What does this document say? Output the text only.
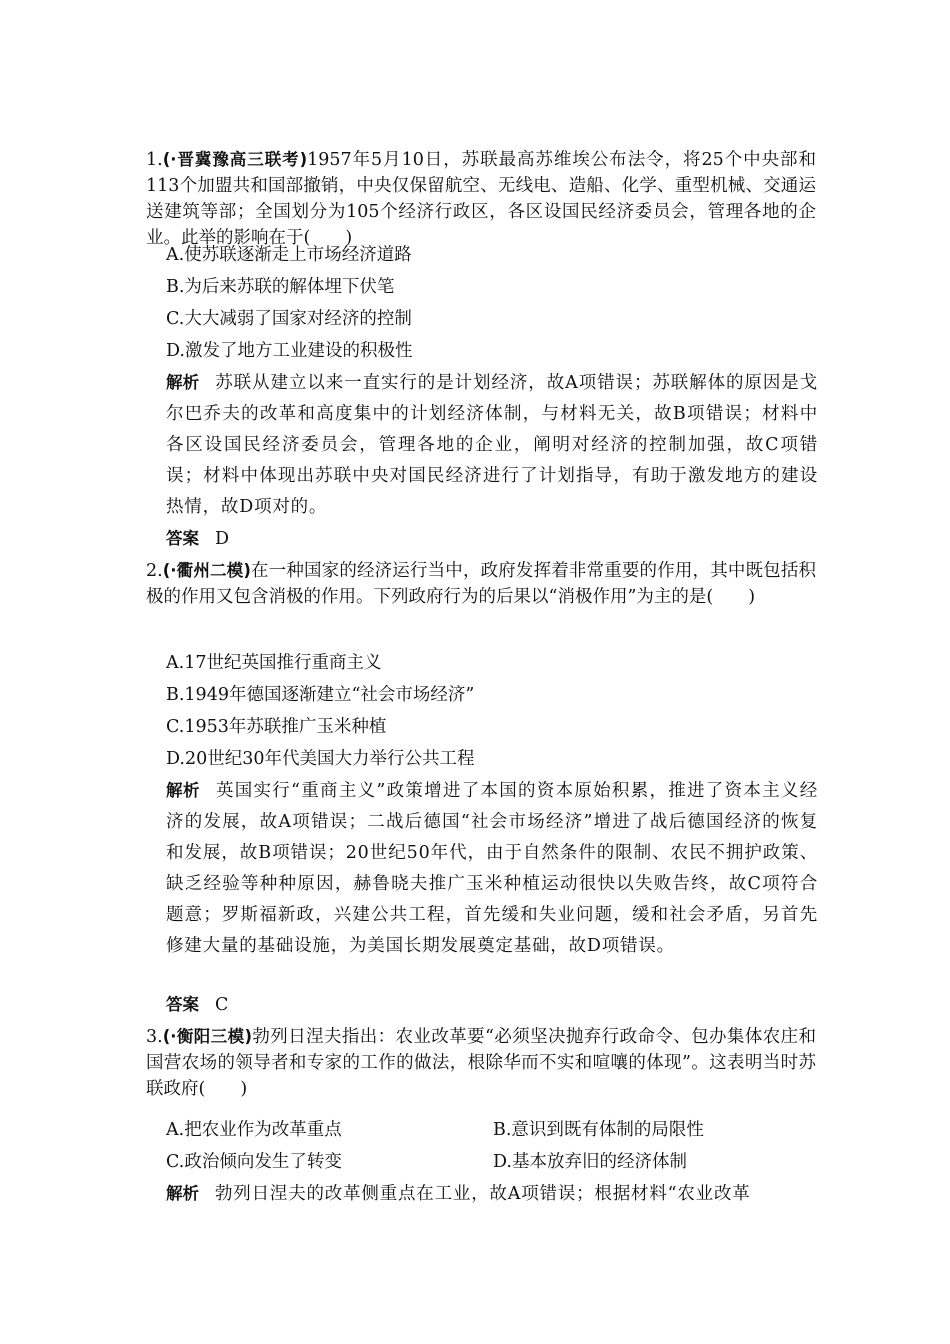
1.(·晋冀豫高三联考)1957年5月10日，苏联最高苏维埃公布法令，将25个中央部和113个加盟共和国部撤销，中央仅保留航空、无线电、造船、化学、重型机械、交通运送建筑等部；全国划分为105个经济行政区，各区设国民经济委员会，管理各地的企业。此举的影响在于(　　)
A.使苏联逐渐走上市场经济道路
B.为后来苏联的解体埋下伏笔
C.大大减弱了国家对经济的控制
D.激发了地方工业建设的积极性
解析 苏联从建立以来一直实行的是计划经济，故A项错误；苏联解体的原因是戈尔巴乔夫的改革和高度集中的计划经济体制，与材料无关，故B项错误；材料中各区设国民经济委员会，管理各地的企业，阐明对经济的控制加强，故C项错误；材料中体现出苏联中央对国民经济进行了计划指导，有助于激发地方的建设热情，故D项对的。
答案 D
2.(·衢州二模)在一种国家的经济运行当中，政府发挥着非常重要的作用，其中既包括积极的作用又包含消极的作用。下列政府行为的后果以“消极作用”为主的是(　　)
A.17世纪英国推行重商主义
B.1949年德国逐渐建立“社会市场经济”
C.1953年苏联推广玉米种植
D.20世纪30年代美国大力举行公共工程
解析 英国实行“重商主义”政策增进了本国的资本原始积累，推进了资本主义经济的发展，故A项错误；二战后德国“社会市场经济”增进了战后德国经济的恢复和发展，故B项错误；20世纪50年代，由于自然条件的限制、农民不拥护政策、缺乏经验等种种原因，赫鲁晓夫推广玉米种植运动很快以失败告终，故C项符合题意；罗斯福新政，兴建公共工程，首先缓和失业问题，缓和社会矛盾，另首先修建大量的基础设施，为美国长期发展奠定基础，故D项错误。
答案 C
3.(·衡阳三模)勃列日涅夫指出：农业改革要“必须坚决抛弃行政命令、包办集体农庄和国营农场的领导者和专家的工作的做法，根除华而不实和喧嚷的体现”。这表明当时苏联政府(　　)
A.把农业作为改革重点	B.意识到既有体制的局限性
C.政治倾向发生了转变	D.基本放弃旧的经济体制
解析 勃列日涅夫的改革侧重点在工业，故A项错误；根据材料“农业改革
